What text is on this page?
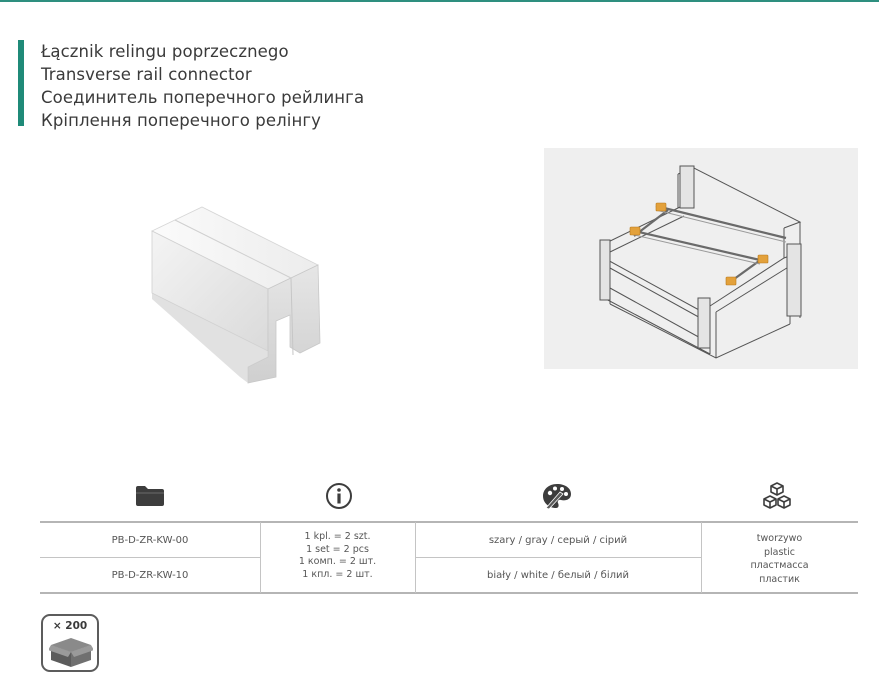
Łącznik relingu poprzecznego
Transverse rail connector
Соединитель поперечного рейлинга
Кріплення поперечного релінгу
PB-D-ZR-KW-00
PB-D-ZR-KW-10
1 kpl. = 2 szt.
1 set = 2 pcs
1 комп. = 2 шт.
1 кпл. = 2 шт.
szary / gray / серый / сірий
biały / white / белый / білий
tworzywo
plastic
пластмасса
пластик
× 200
